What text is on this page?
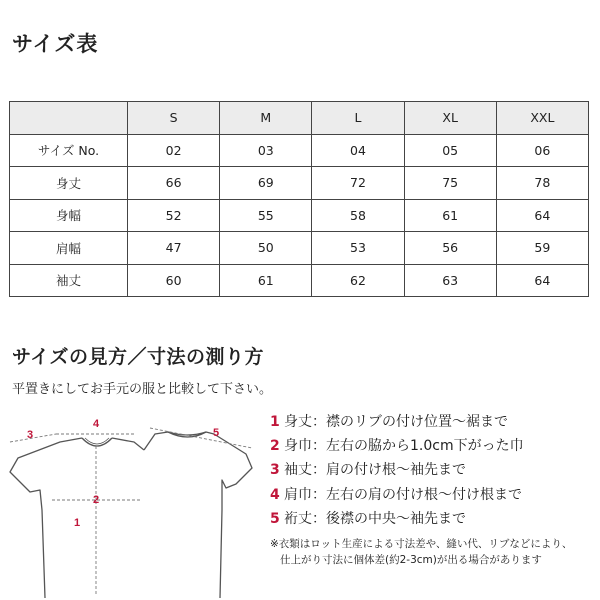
サイズ表
	S	M	L	XL	XXL
サイズ No.	02	03	04	05	06
身丈	66	69	72	75	78
身幅	52	55	58	61	64
肩幅	47	50	53	56	59
袖丈	60	61	62	63	64
サイズの見方／寸法の測り方

平置きにしてお手元の服と比較して下さい。

4
3	5
2
1
1 身丈：襟のリブの付け位置〜裾まで
2 身巾：左右の脇から1.0cm下がった巾
3 袖丈：肩の付け根〜袖先まで
4 肩巾：左右の肩の付け根〜付け根まで
5 裄丈：後襟の中央〜袖先まで

※衣類はロット生産による寸法差や、縫い代、リブなどにより、
仕上がり寸法に個体差(約2-3cm)が出る場合があります
